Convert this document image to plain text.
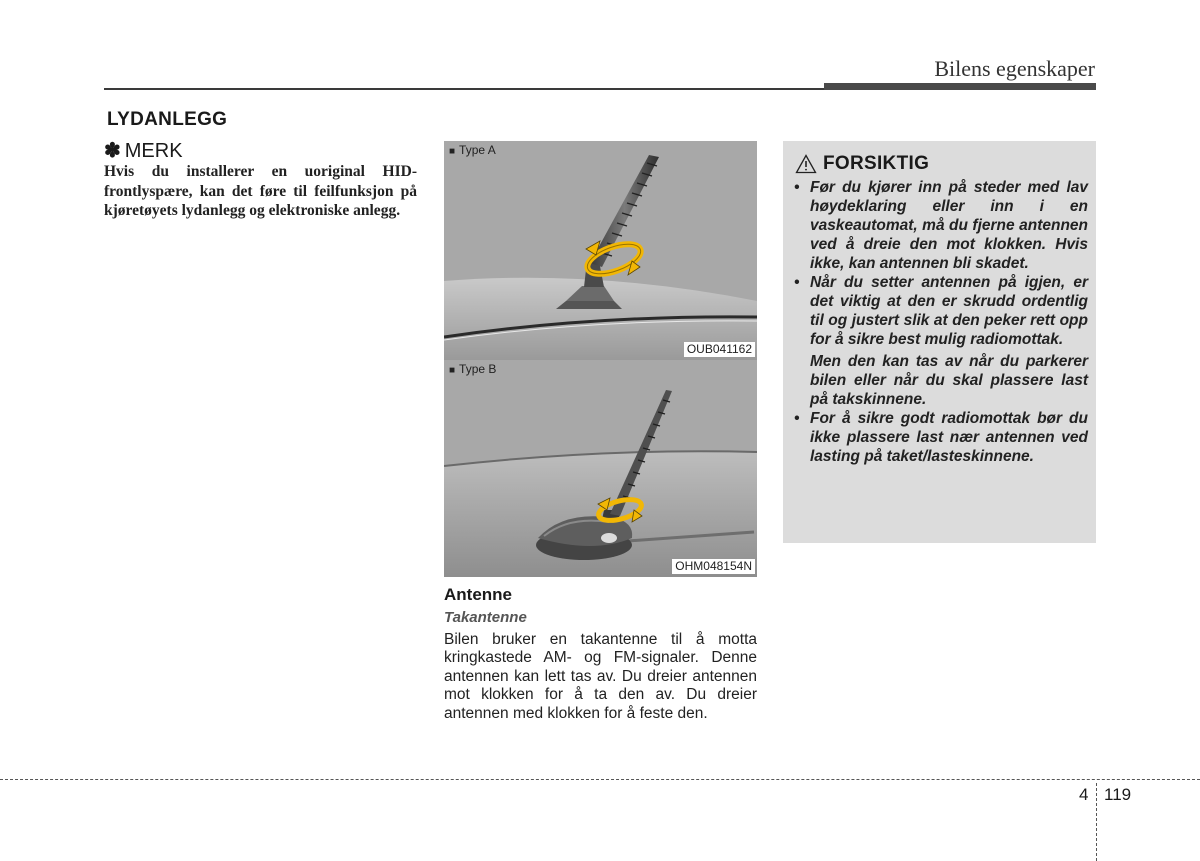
Bilens egenskaper
LYDANLEGG
✽ MERK
Hvis du installerer en uoriginal HID-frontlyspære, kan det føre til feilfunksjon på kjøretøyets lydanlegg og elektroniske anlegg.
■ Type A
OUB041162
■ Type B
OHM048154N
Antenne
Takantenne
Bilen bruker en takantenne til å motta kringkastede AM- og FM-signaler. Denne antennen kan lett tas av. Du dreier antennen mot klokken for å ta den av. Du dreier antennen med klokken for å feste den.
FORSIKTIG
• Før du kjører inn på steder med lav høydeklaring eller inn i en vaskeautomat, må du fjerne antennen ved å dreie den mot klokken. Hvis ikke, kan antennen bli skadet.
• Når du setter antennen på igjen, er det viktig at den er skrudd ordentlig til og justert slik at den peker rett opp for å sikre best mulig radiomottak.
Men den kan tas av når du parkerer bilen eller når du skal plassere last på takskinnene.
• For å sikre godt radiomottak bør du ikke plassere last nær antennen ved lasting på taket/lasteskinnene.
4 119
